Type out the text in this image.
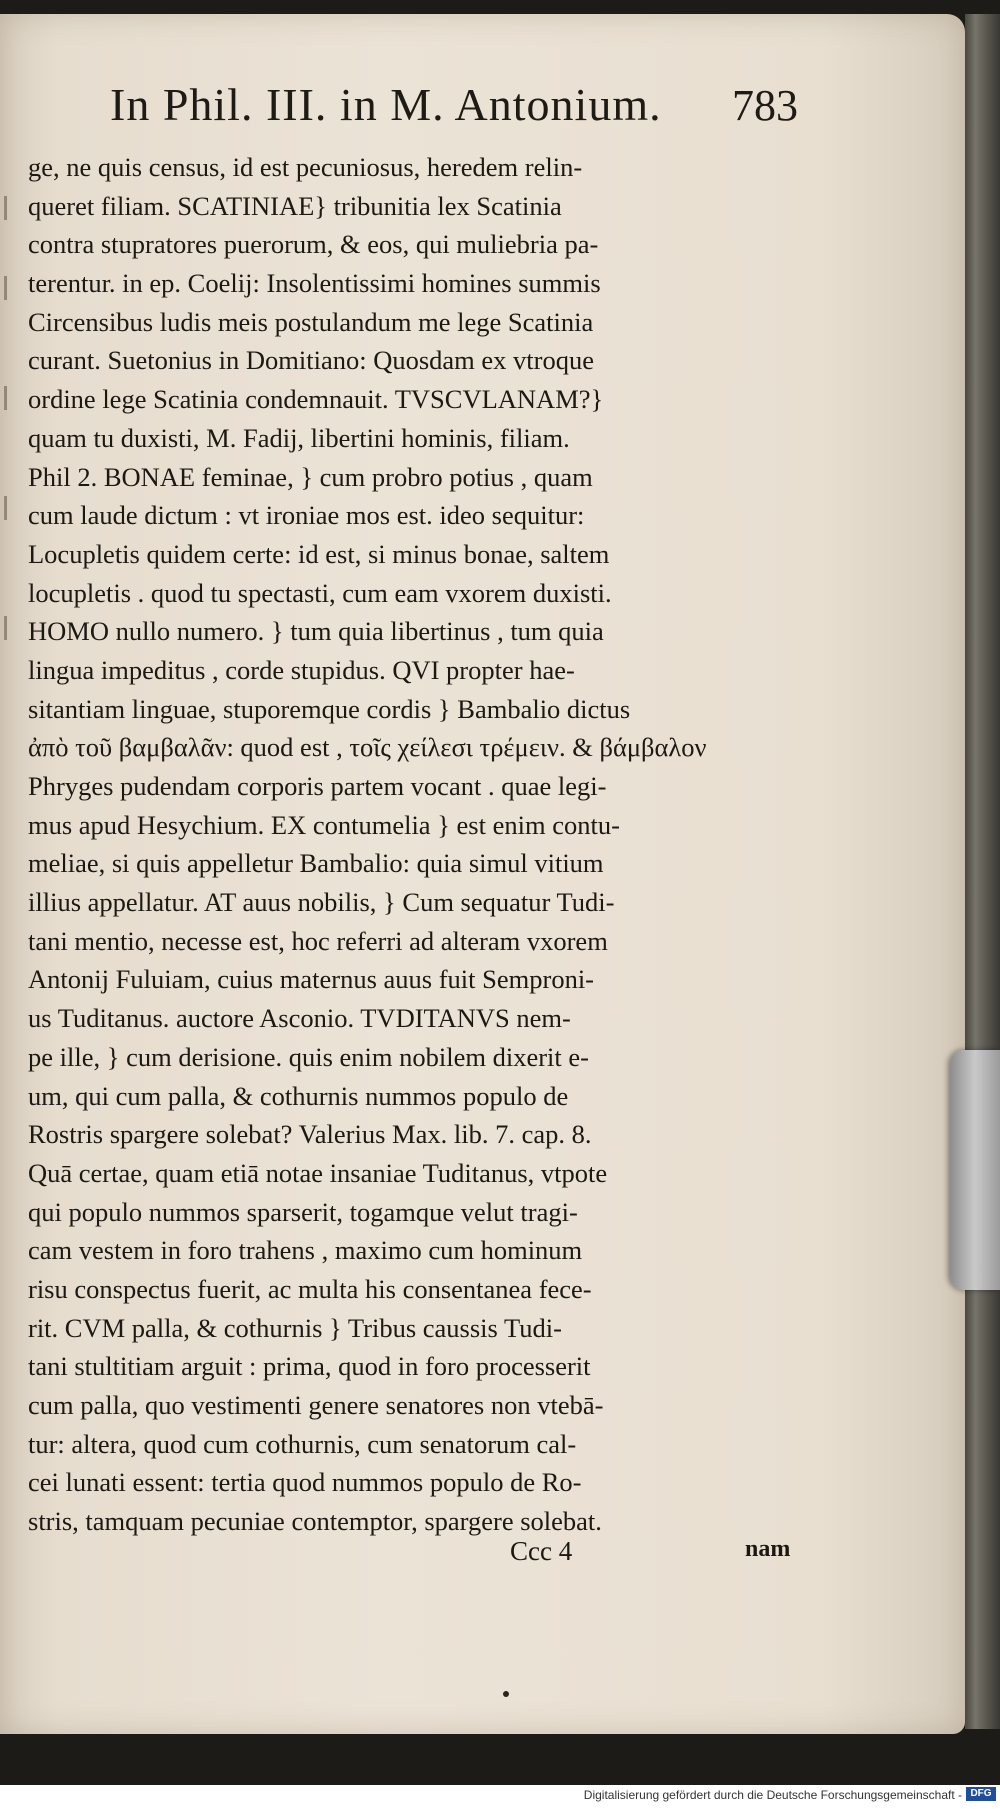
In Phil. III. in M. Antonium.	783
ge, ne quis census, id est pecuniosus, heredem relin-
queret filiam. SCATINIAE} tribunitia lex Scatinia
contra stupratores puerorum, & eos, qui muliebria pa-
terentur. in ep. Coelij: Insolentissimi homines summis
Circensibus ludis meis postulandum me lege Scatinia
curant. Suetonius in Domitiano: Quosdam ex vtroque
ordine lege Scatinia condemnauit. TVSCVLANAM?}
quam tu duxisti, M. Fadij, libertini hominis, filiam.
Phil 2. BONAE feminae, } cum probro potius , quam
cum laude dictum : vt ironiae mos est. ideo sequitur:
Locupletis quidem certe: id est, si minus bonae, saltem
locupletis . quod tu spectasti, cum eam vxorem duxisti.
HOMO nullo numero. } tum quia libertinus , tum quia
lingua impeditus , corde stupidus. QVI propter hae-
sitantiam linguae, stuporemque cordis } Bambalio dictus
ἀπὸ τοῦ βαμβαλᾶν: quod est , τοῖς χείλεσι τρέμειν. & βάμβαλον
Phryges pudendam corporis partem vocant . quae legi-
mus apud Hesychium. EX contumelia } est enim contu-
meliae, si quis appelletur Bambalio: quia simul vitium
illius appellatur. AT auus nobilis, } Cum sequatur Tudi-
tani mentio, necesse est, hoc referri ad alteram vxorem
Antonij Fuluiam, cuius maternus auus fuit Semproni-
us Tuditanus. auctore Asconio. TVDITANVS nem-
pe ille, } cum derisione. quis enim nobilem dixerit e-
um, qui cum palla, & cothurnis nummos populo de
Rostris spargere solebat? Valerius Max. lib. 7. cap. 8.
Quā certae, quam etiā notae insaniae Tuditanus, vtpote
qui populo nummos sparserit, togamque velut tragi-
cam vestem in foro trahens , maximo cum hominum
risu conspectus fuerit, ac multa his consentanea fece-
rit. CVM palla, & cothurnis } Tribus caussis Tudi-
tani stultitiam arguit : prima, quod in foro processerit
cum palla, quo vestimenti genere senatores non vtebā-
tur: altera, quod cum cothurnis, cum senatorum cal-
cei lunati essent: tertia quod nummos populo de Ro-
stris, tamquam pecuniae contemptor, spargere solebat.
Ccc 4	nam
Digitalisierung gefördert durch die Deutsche Forschungsgemeinschaft - DFG
